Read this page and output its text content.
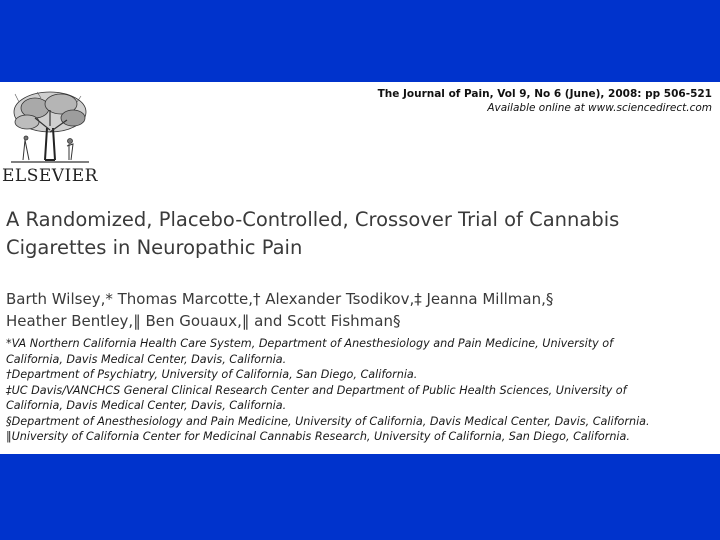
ELSEVIER
The Journal of Pain, Vol 9, No 6 (June), 2008: pp 506-521
Available online at www.sciencedirect.com
A Randomized, Placebo-Controlled, Crossover Trial of Cannabis
Cigarettes in Neuropathic Pain
Barth Wilsey,* Thomas Marcotte,† Alexander Tsodikov,‡ Jeanna Millman,§
Heather Bentley,‖ Ben Gouaux,‖ and Scott Fishman§
*VA Northern California Health Care System, Department of Anesthesiology and Pain Medicine, University of
California, Davis Medical Center, Davis, California.
†Department of Psychiatry, University of California, San Diego, California.
‡UC Davis/VANCHCS General Clinical Research Center and Department of Public Health Sciences, University of
California, Davis Medical Center, Davis, California.
§Department of Anesthesiology and Pain Medicine, University of California, Davis Medical Center, Davis, California.
‖University of California Center for Medicinal Cannabis Research, University of California, San Diego, California.
